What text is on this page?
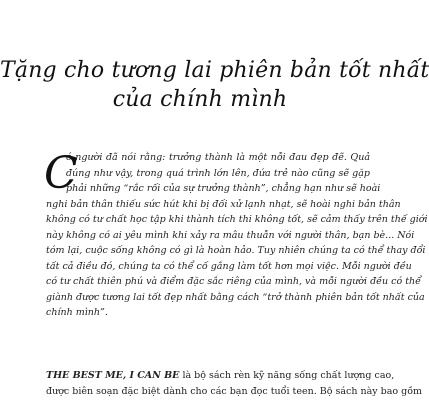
Tặng cho tương lai phiên bản tốt nhất
của chính mình
C
ó người đã nói rằng: trưởng thành là một nỗi đau đẹp đẽ. Quả
đúng như vậy, trong quá trình lớn lên, đứa trẻ nào cũng sẽ gặp
phải những “rắc rối của sự trưởng thành”, chẳng hạn như sẽ hoài
nghi bản thân thiếu sức hút khi bị đối xử lạnh nhạt, sẽ hoài nghi bản thân
không có tư chất học tập khi thành tích thi không tốt, sẽ cảm thấy trên thế giới
này không có ai yêu mình khi xảy ra mâu thuẫn với người thân, bạn bè... Nói
tóm lại, cuộc sống không có gì là hoàn hảo. Tuy nhiên chúng ta có thể thay đổi
tất cả điều đó, chúng ta có thể cố gắng làm tốt hơn mọi việc. Mỗi người đều
có tư chất thiên phú và điểm đặc sắc riêng của mình, và mỗi người đều có thể
giành được tương lai tốt đẹp nhất bằng cách “trở thành phiên bản tốt nhất của
chính mình”.
THE BEST ME, I CAN BE là bộ sách rèn kỹ năng sống chất lượng cao,
được biên soạn đặc biệt dành cho các bạn đọc tuổi teen. Bộ sách này bao gồm
